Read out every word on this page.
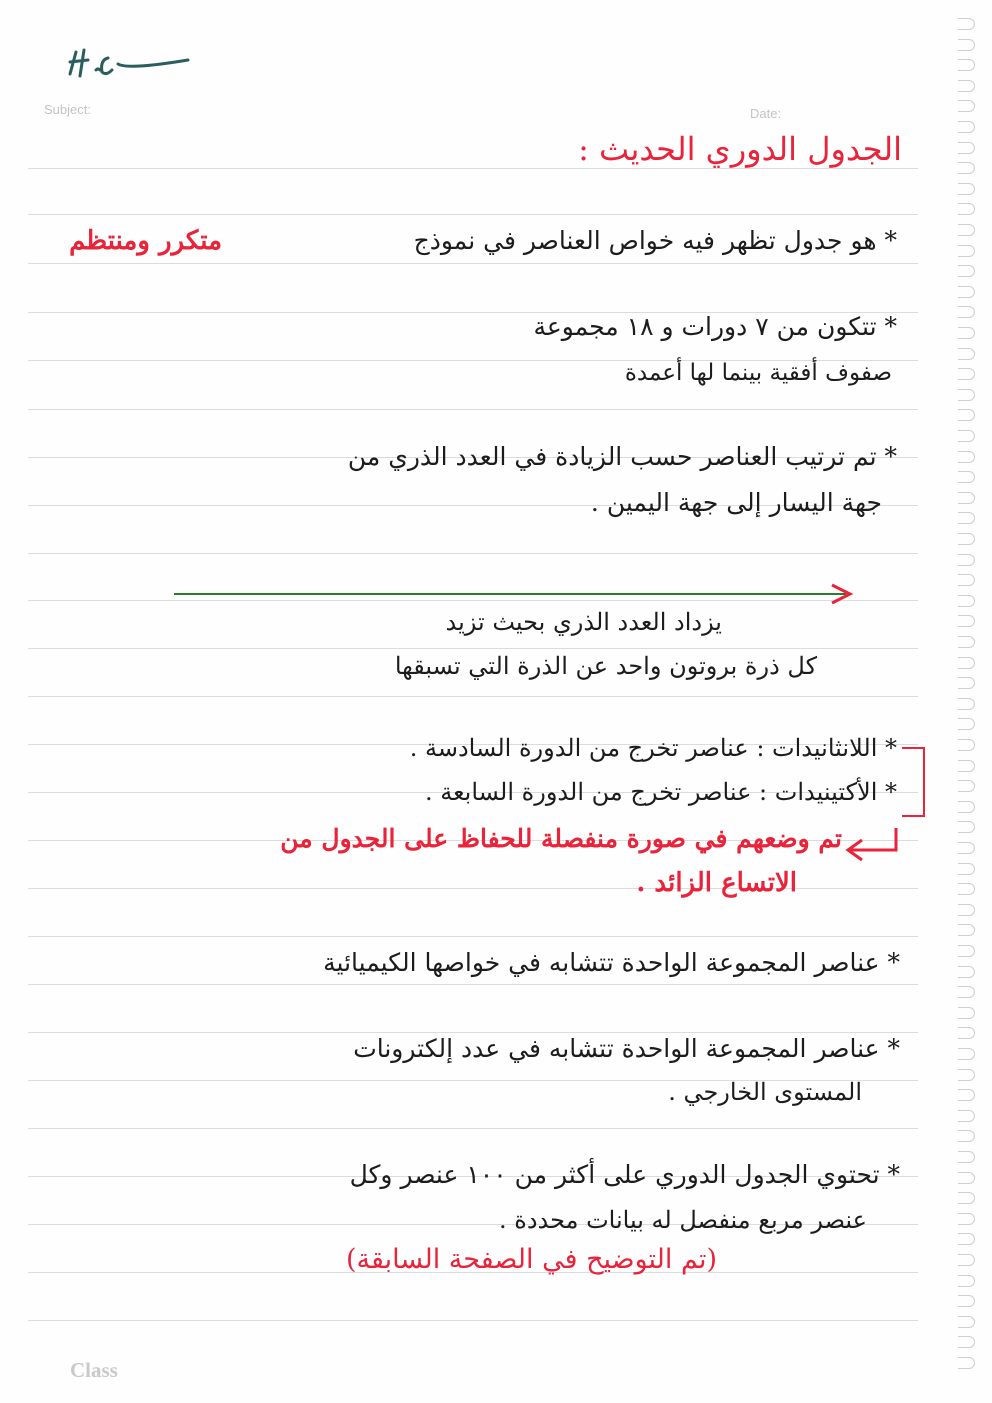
Subject:	Date:
الجدول الدوري الحديث :
* هو جدول تظهر فيه خواص العناصر في نموذج
متكرر ومنتظم
* تتكون من ٧ دورات و ١٨ مجموعة
صفوف أفقية بينما لها أعمدة
* تم ترتيب العناصر حسب الزيادة في العدد الذري من
جهة اليسار إلى جهة اليمين .
يزداد العدد الذري بحيث تزيد
كل ذرة بروتون واحد عن الذرة التي تسبقها
* اللانثانيدات : عناصر تخرج من الدورة السادسة .
* الأكتينيدات : عناصر تخرج من الدورة السابعة .
تم وضعهم في صورة منفصلة للحفاظ على الجدول من
الاتساع الزائد .
* عناصر المجموعة الواحدة تتشابه في خواصها الكيميائية
* عناصر المجموعة الواحدة تتشابه في عدد إلكترونات
المستوى الخارجي .
* تحتوي الجدول الدوري على أكثر من ١٠٠ عنصر وكل
عنصر مربع منفصل له بيانات محددة .
(تم التوضيح في الصفحة السابقة)
Class
